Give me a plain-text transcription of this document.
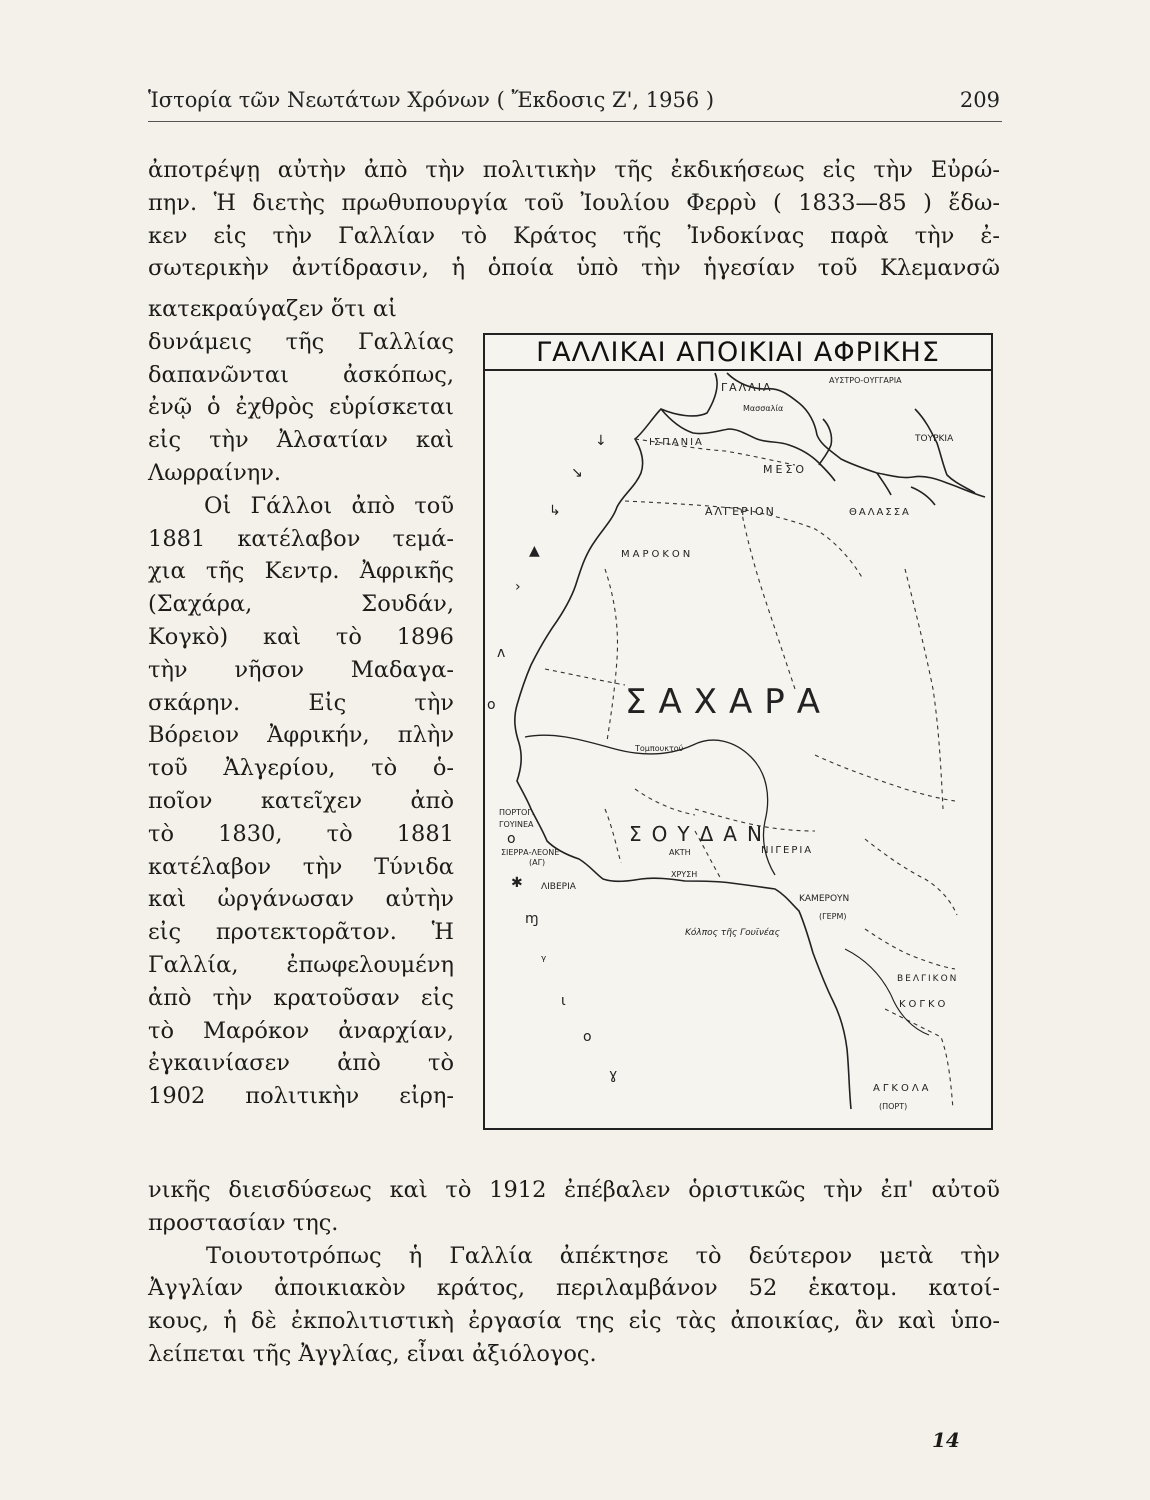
Ἱστορία τῶν Νεωτάτων Χρόνων ( Ἔκδοσις Ζ', 1956 )	209
ἀποτρέψῃ αὐτὴν ἀπὸ τὴν πολιτικὴν τῆς ἐκδικήσεως εἰς τὴν Εὐρώ-
πην. Ἡ διετὴς πρωθυπουργία τοῦ Ἰουλίου Φερρὺ ( 1833—85 ) ἔδω-
κεν εἰς τὴν Γαλλίαν τὸ Κράτος τῆς Ἰνδοκίνας παρὰ τὴν ἐ-
σωτερικὴν ἀντίδρασιν, ἡ ὁποία ὑπὸ τὴν ἡγεσίαν τοῦ Κλεμανσῶ
κατεκραύγαζεν ὅτι αἱ
δυνάμεις τῆς Γαλλίας
δαπανῶνται ἀσκόπως,
ἐνῷ ὁ ἐχθρὸς εὑρίσκεται
εἰς τὴν Ἀλσατίαν καὶ
Λωρραίνην.
Οἱ Γάλλοι ἀπὸ τοῦ
1881 κατέλαβον τεμά-
χια τῆς Κεντρ. Ἀφρικῆς
(Σαχάρα, Σουδάν,
Κογκὸ) καὶ τὸ 1896
τὴν νῆσον Μαδαγα-
σκάρην. Εἰς τὴν
Βόρειον Ἀφρικήν, πλὴν
τοῦ Ἀλγερίου, τὸ ὁ-
ποῖον κατεῖχεν ἀπὸ
τὸ 1830, τὸ 1881
κατέλαβον τὴν Τύνιδα
καὶ ὠργάνωσαν αὐτὴν
εἰς προτεκτορᾶτον. Ἡ
Γαλλία, ἐπωφελουμένη
ἀπὸ τὴν κρατοῦσαν εἰς
τὸ Μαρόκον ἀναρχίαν,
ἐγκαινίασεν ἀπὸ τὸ
1902 πολιτικὴν εἰρη-
νικῆς διεισδύσεως καὶ τὸ 1912 ἐπέβαλεν ὁριστικῶς τὴν ἐπ' αὐτοῦ
προστασίαν της.
Τοιουτοτρόπως ἡ Γαλλία ἀπέκτησε τὸ δεύτερον μετὰ τὴν
Ἀγγλίαν ἀποικιακὸν κράτος, περιλαμβάνον 52 ἑκατομ. κατοί-
κους, ἡ δὲ ἐκπολιτιστικὴ ἐργασία της εἰς τὰς ἀποικίας, ἂν καὶ ὑπο-
λείπεται τῆς Ἀγγλίας, εἶναι ἀξιόλογος.
ΓΑΛΛΙΚΑΙ ΑΠΟΙΚΙΑΙ ΑΦΡΙΚΗΣ
↓
↘
↳
▲
›
ʌ
o
o
✱
ɱ
ᵞ
ɩ
o
ɣ
ΓΑΛΛΙΑ
ΑΥΣΤΡΟ-ΟΥΓΓΑΡΙΑ
Μασσαλία
ΙΣΠΑΝΙΑ	ΤΟΥΡΚΙΑ
ΜΕΣΟ
ΑΛΓΕΡΙΟΝ	ΘΑΛΑΣΣΑ
ΜΑΡΟΚΟΝ
ΣΑΧΑΡΑ
Τομπουκτού
ΣΟΥΔΑΝ
ΝΙΓΕΡΙΑ
ΠΟΡΤΟΓ.
ΓΟΥΙΝΕΑ
ΣΙΕΡΡΑ-ΛΕΟΝΕ
(ΑΓ)
ΛΙΒΕΡΙΑ
ΑΚΤΗ
ΧΡΥΣΗ
ΚΑΜΕΡΟΥΝ
(ΓΕΡΜ)
Κόλπος τῆς Γουϊνέας
ΒΕΛΓΙΚΟΝ
ΚΟΓΚΟ
ΑΓΚΟΛΑ
(ΠΟΡΤ)
14
